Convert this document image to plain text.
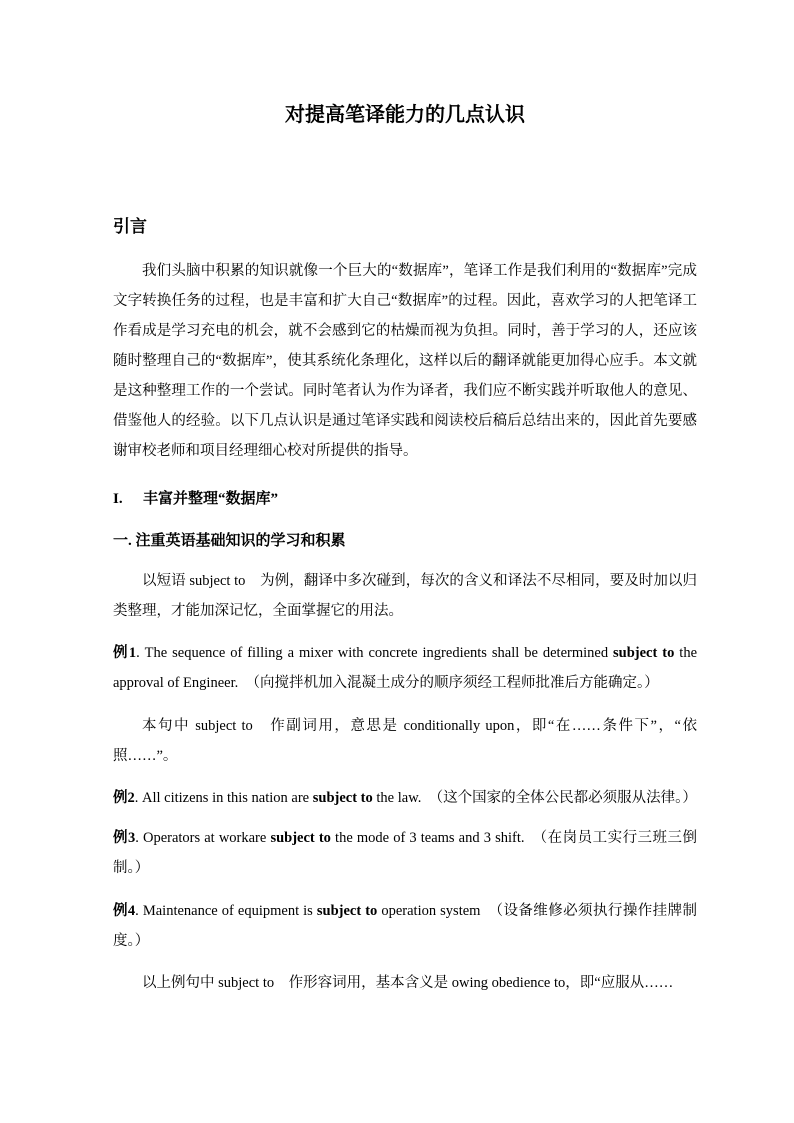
对提高笔译能力的几点认识
引言
我们头脑中积累的知识就像一个巨大的“数据库”，笔译工作是我们利用的“数据库”完成文字转换任务的过程，也是丰富和扩大自己“数据库”的过程。因此，喜欢学习的人把笔译工作看成是学习充电的机会，就不会感到它的枯燥而视为负担。同时，善于学习的人，还应该随时整理自己的“数据库”，使其系统化条理化，这样以后的翻译就能更加得心应手。本文就是这种整理工作的一个尝试。同时笔者认为作为译者，我们应不断实践并听取他人的意见、借鉴他人的经验。以下几点认识是通过笔译实践和阅读校后稿后总结出来的，因此首先要感谢审校老师和项目经理细心校对所提供的指导。
I. 丰富并整理“数据库”
一. 注重英语基础知识的学习和积累
以短语 subject to　为例，翻译中多次碰到，每次的含义和译法不尽相同，要及时加以归类整理，才能加深记忆，全面掌握它的用法。
例1. The sequence of filling a mixer with concrete ingredients shall be determined subject to the approval of Engineer.　（向搅拌机加入混凝土成分的顺序须经工程师批准后方能确定。）
本句中 subject to　作副词用，意思是 conditionally upon，即“在……条件下”，“依照……”。
例2. All citizens in this nation are subject to the law.　（这个国家的全体公民都必须服从法律。）
例3. Operators at workare subject to the mode of 3 teams and 3 shift.　（在岗员工实行三班三倒制。）
例4. Maintenance of equipment is subject to operation system　（设备维修必须执行操作挂牌制度。）
以上例句中 subject to　作形容词用，基本含义是 owing obedience to，即“应服从……
